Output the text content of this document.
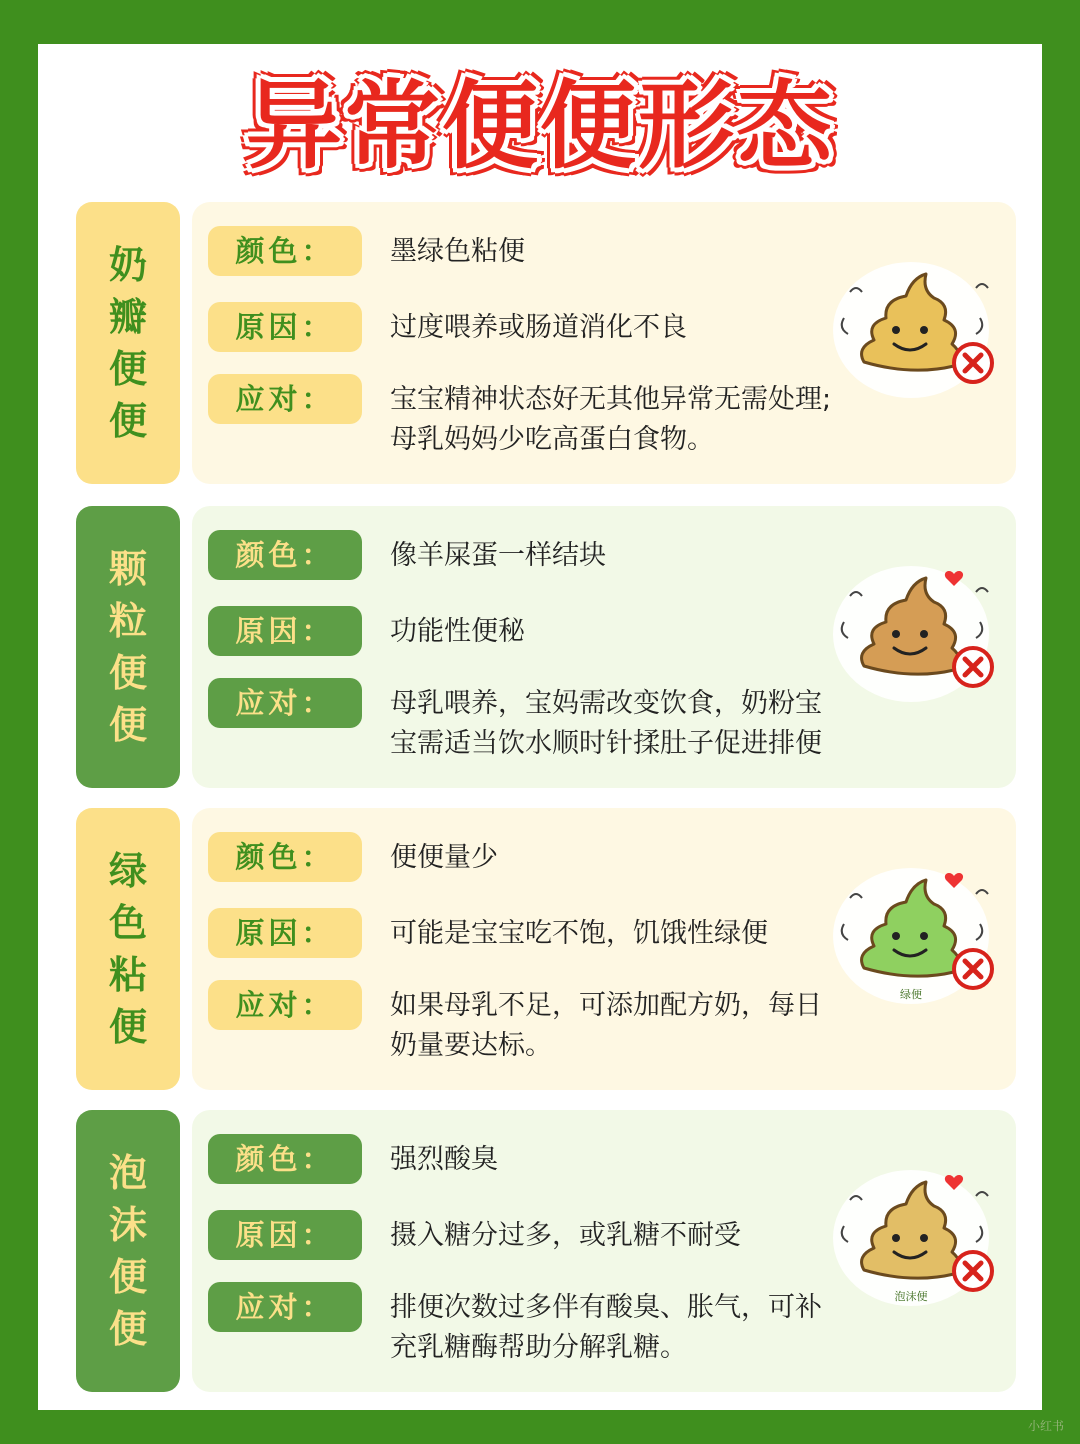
异常便便形态
奶
瓣
便
便
颜色：	墨绿色粘便
原因：	过度喂养或肠道消化不良
应对：	宝宝精神状态好无其他异常无需处理;
母乳妈妈少吃高蛋白食物。
颗
粒
便
便
颜色：	像羊屎蛋一样结块
原因：	功能性便秘
应对：	母乳喂养，宝妈需改变饮食，奶粉宝
宝需适当饮水顺时针揉肚子促进排便
绿
色
粘
便
颜色：	便便量少
原因：	可能是宝宝吃不饱，饥饿性绿便
应对：	如果母乳不足，可添加配方奶，每日
奶量要达标。
绿便
泡
沫
便
便
颜色：	强烈酸臭
原因：	摄入糖分过多，或乳糖不耐受
应对：	排便次数过多伴有酸臭、胀气，可补
充乳糖酶帮助分解乳糖。
泡沫便
小红书
